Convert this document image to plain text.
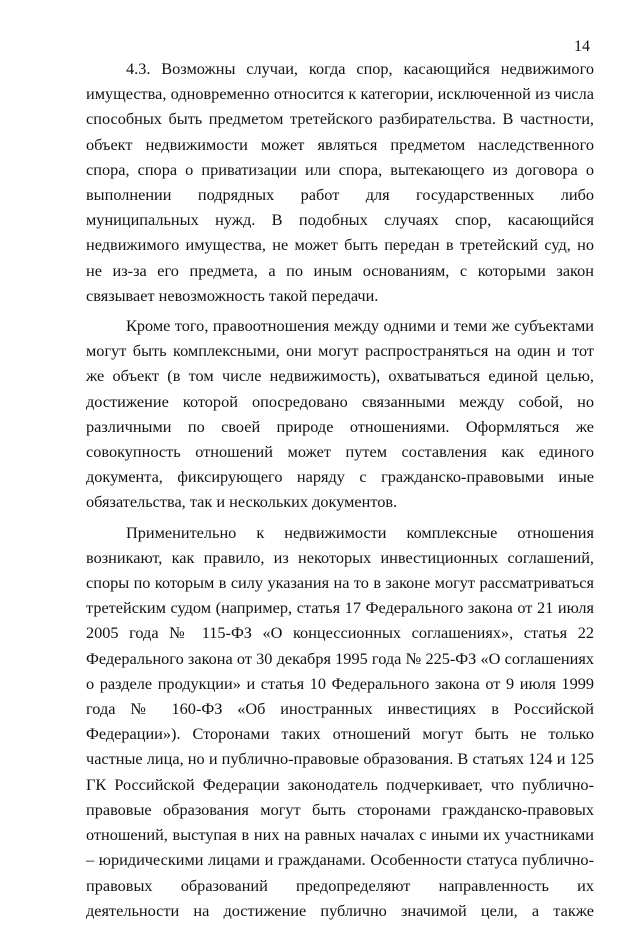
14

4.3. Возможны случаи, когда спор, касающийся недвижимого имущества, одновременно относится к категории, исключенной из числа способных быть предметом третейского разбирательства. В частности, объект недвижимости может являться предметом наследственного спора, спора о приватизации или спора, вытекающего из договора о выполнении подрядных работ для государственных либо муниципальных нужд. В подобных случаях спор, касающийся недвижимого имущества, не может быть передан в третейский суд, но не из-за его предмета, а по иным основаниям, с которыми закон связывает невозможность такой передачи.

Кроме того, правоотношения между одними и теми же субъектами могут быть комплексными, они могут распространяться на один и тот же объект (в том числе недвижимость), охватываться единой целью, достижение которой опосредовано связанными между собой, но различными по своей природе отношениями. Оформляться же совокупность отношений может путем составления как единого документа, фиксирующего наряду с гражданско-правовыми иные обязательства, так и нескольких документов.

Применительно к недвижимости комплексные отношения возникают, как правило, из некоторых инвестиционных соглашений, споры по которым в силу указания на то в законе могут рассматриваться третейским судом (например, статья 17 Федерального закона от 21 июля 2005 года № 115-ФЗ «О концессионных соглашениях», статья 22 Федерального закона от 30 декабря 1995 года № 225-ФЗ «О соглашениях о разделе продукции» и статья 10 Федерального закона от 9 июля 1999 года № 160-ФЗ «Об иностранных инвестициях в Российской Федерации»). Сторонами таких отношений могут быть не только частные лица, но и публично-правовые образования. В статьях 124 и 125 ГК Российской Федерации законодатель подчеркивает, что публично-правовые образования могут быть сторонами гражданско-правовых отношений, выступая в них на равных началах с иными их участниками – юридическими лицами и гражданами. Особенности статуса публично-правовых образований предопределяют направленность их деятельности на достижение публично значимой цели, а также
